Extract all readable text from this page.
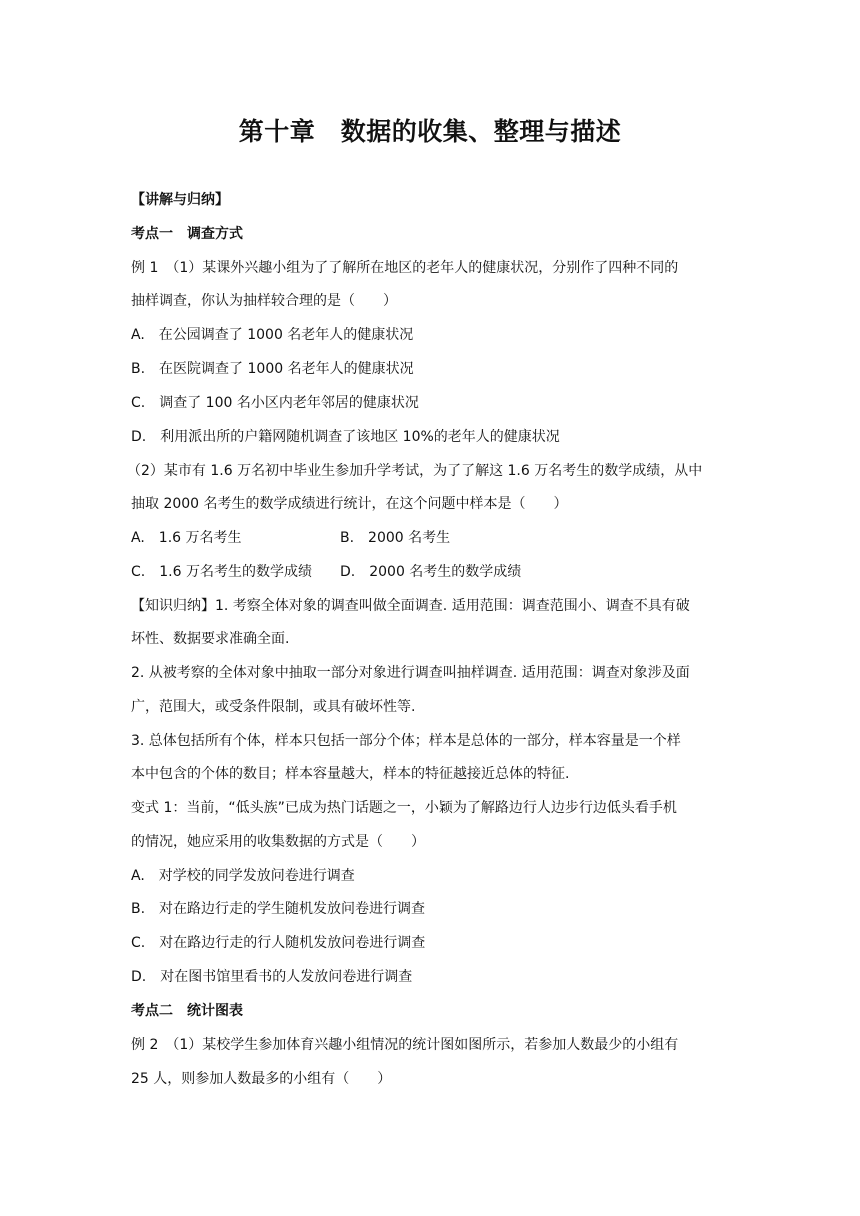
第十章　数据的收集、整理与描述
【讲解与归纳】
考点一　调查方式
例 1　（1）某课外兴趣小组为了了解所在地区的老年人的健康状况，分别作了四种不同的
抽样调查，你认为抽样较合理的是（　　）
A.　在公园调查了 1000 名老年人的健康状况
B.　在医院调查了 1000 名老年人的健康状况
C.　调查了 100 名小区内老年邻居的健康状况
D.　利用派出所的户籍网随机调查了该地区 10%的老年人的健康状况
（2）某市有 1.6 万名初中毕业生参加升学考试，为了了解这 1.6 万名考生的数学成绩，从中
抽取 2000 名考生的数学成绩进行统计，在这个问题中样本是（　　）
A.　1.6 万名考生	B.　2000 名考生
C.　1.6 万名考生的数学成绩 D.　2000 名考生的数学成绩
【知识归纳】1. 考察全体对象的调查叫做全面调查. 适用范围：调查范围小、调查不具有破
坏性、数据要求准确全面.
2. 从被考察的全体对象中抽取一部分对象进行调查叫抽样调查. 适用范围：调查对象涉及面
广，范围大，或受条件限制，或具有破坏性等.
3. 总体包括所有个体，样本只包括一部分个体；样本是总体的一部分，样本容量是一个样
本中包含的个体的数目；样本容量越大，样本的特征越接近总体的特征.
变式 1：当前，“低头族”已成为热门话题之一，小颖为了解路边行人边步行边低头看手机
的情况，她应采用的收集数据的方式是（　　）
A.　对学校的同学发放问卷进行调查
B.　对在路边行走的学生随机发放问卷进行调查
C.　对在路边行走的行人随机发放问卷进行调查
D.　对在图书馆里看书的人发放问卷进行调查
考点二　统计图表
例 2　（1）某校学生参加体育兴趣小组情况的统计图如图所示，若参加人数最少的小组有
25 人，则参加人数最多的小组有（　　）
